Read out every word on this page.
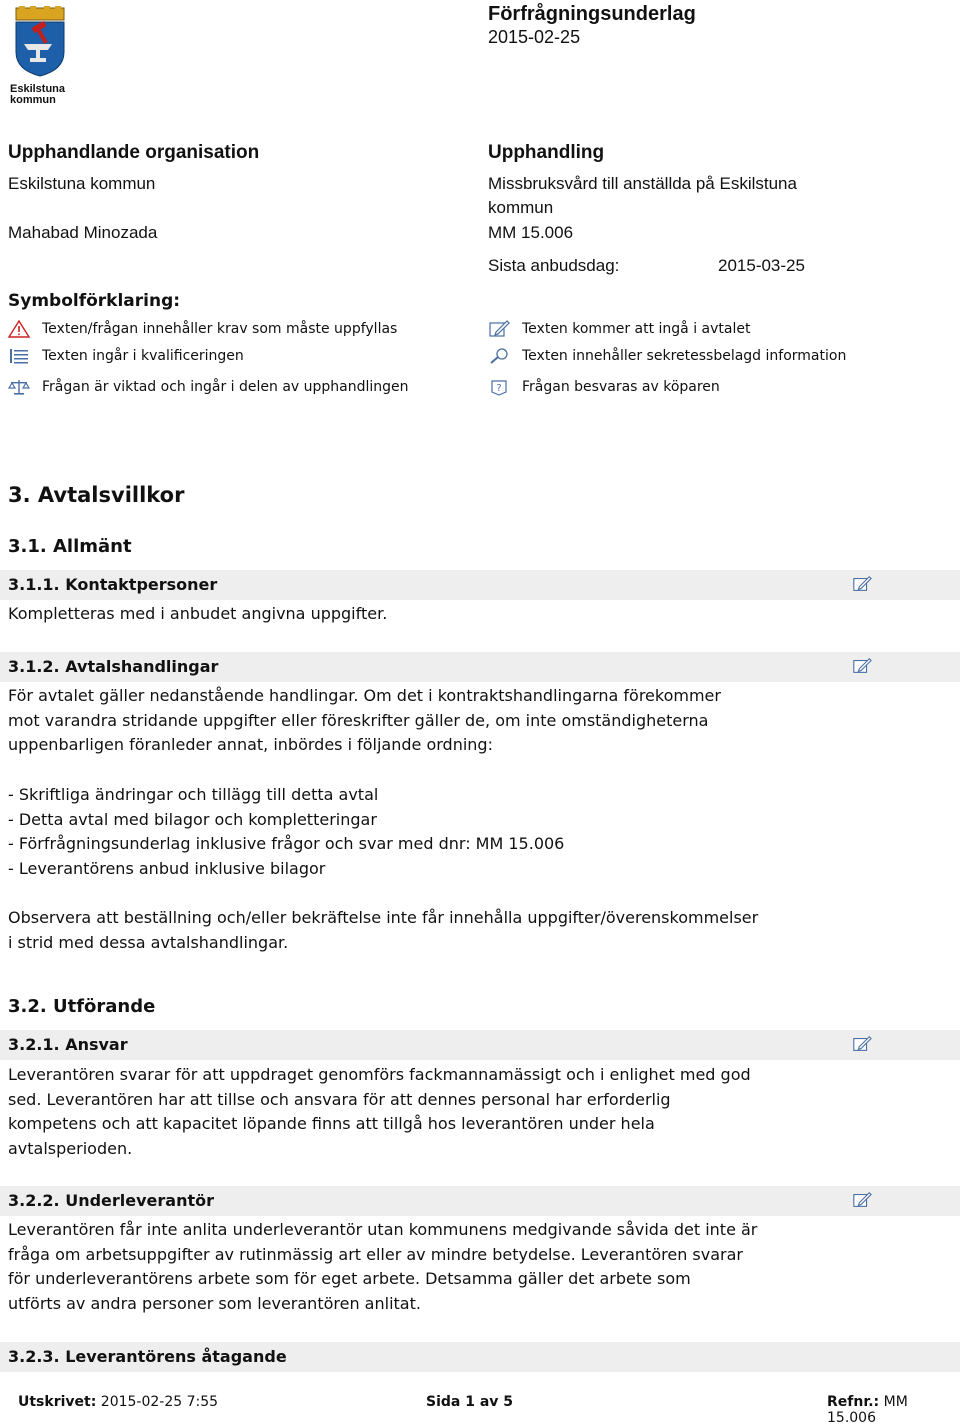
Eskilstuna
kommun
Förfrågningsunderlag
2015-02-25
Upphandlande organisation
Eskilstuna kommun
Mahabad Minozada
Upphandling
Missbruksvård till anställda på Eskilstuna
kommun
MM 15.006
Sista anbudsdag:	2015-03-25
Symbolförklaring:
Texten/frågan innehåller krav som måste uppfyllas
Texten ingår i kvalificeringen
Frågan är viktad och ingår i delen av upphandlingen
Texten kommer att ingå i avtalet
Texten innehåller sekretessbelagd information
? Frågan besvaras av köparen
3. Avtalsvillkor
3.1. Allmänt
3.1.1. Kontaktpersoner
Kompletteras med i anbudet angivna uppgifter.
3.1.2. Avtalshandlingar
För avtalet gäller nedanstående handlingar. Om det i kontraktshandlingarna förekommer
mot varandra stridande uppgifter eller föreskrifter gäller de, om inte omständigheterna
uppenbarligen föranleder annat, inbördes i följande ordning:
- Skriftliga ändringar och tillägg till detta avtal
- Detta avtal med bilagor och kompletteringar
- Förfrågningsunderlag inklusive frågor och svar med dnr: MM 15.006
- Leverantörens anbud inklusive bilagor
Observera att beställning och/eller bekräftelse inte får innehålla uppgifter/överenskommelser
i strid med dessa avtalshandlingar.
3.2. Utförande
3.2.1. Ansvar
Leverantören svarar för att uppdraget genomförs fackmannamässigt och i enlighet med god
sed. Leverantören har att tillse och ansvara för att dennes personal har erforderlig
kompetens och att kapacitet löpande finns att tillgå hos leverantören under hela
avtalsperioden.
3.2.2. Underleverantör
Leverantören får inte anlita underleverantör utan kommunens medgivande såvida det inte är
fråga om arbetsuppgifter av rutinmässig art eller av mindre betydelse. Leverantören svarar
för underleverantörens arbete som för eget arbete. Detsamma gäller det arbete som
utförts av andra personer som leverantören anlitat.
3.2.3. Leverantörens åtagande
Utskrivet: 2015-02-25 7:55	Sida 1 av 5	Refnr.: MM 15.006
